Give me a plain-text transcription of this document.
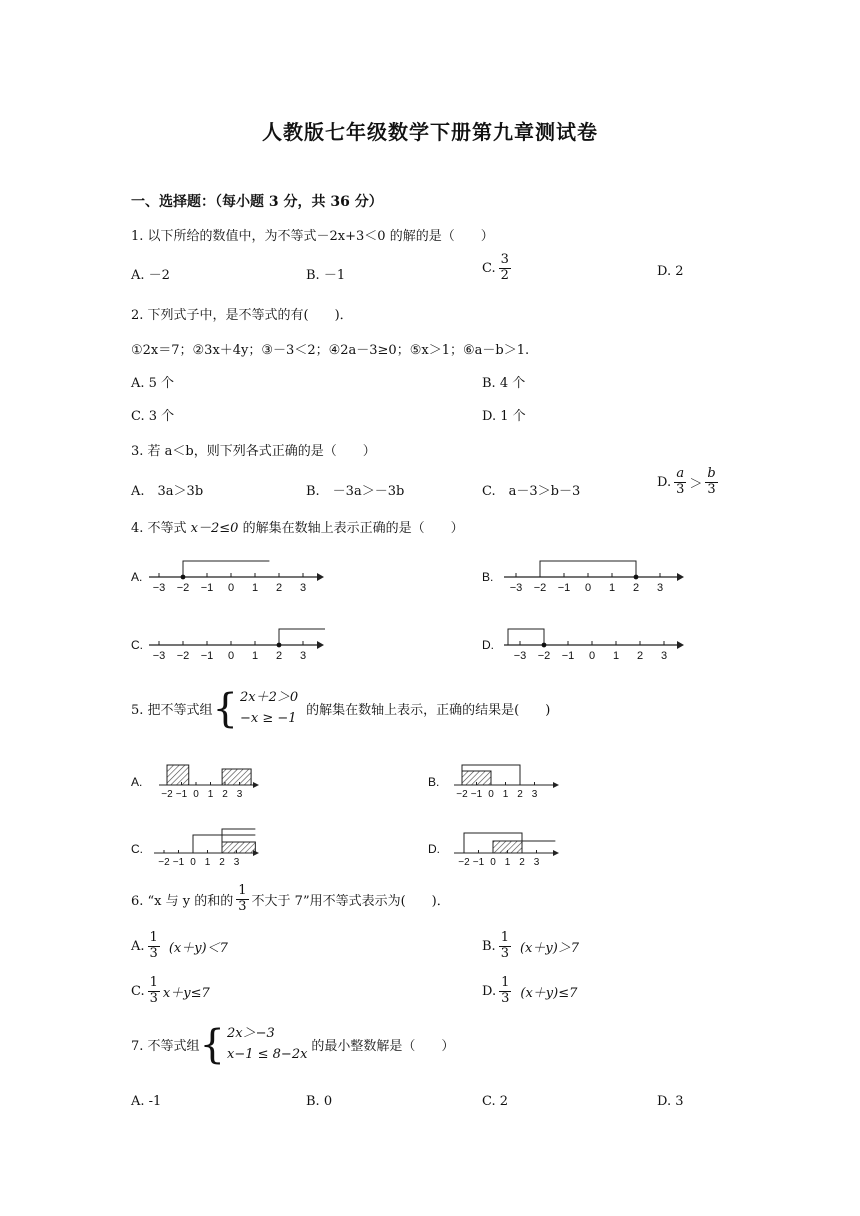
人教版七年级数学下册第九章测试卷
一、选择题：（每小题 3 分，共 36 分）
1. 以下所给的数值中，为不等式－2x+3＜0 的解的是（　　）
A. －2	B. －1	C. $\frac{3}{2}$	D. 2
2. 下列式子中，是不等式的有(　　)．
①2x＝7；②3x＋4y；③－3＜2；④2a－3≥0；⑤x＞1；⑥a－b＞1.
A. 5 个	B. 4 个
C. 3 个	D. 1 个
3. 若 a＜b，则下列各式正确的是（　　）
A.　3a＞3b	B.　－3a＞－3b	C.　a－3＞b－3
D. $\frac{a}{3} > \frac{b}{3}$
4. 不等式 x－2≤0 的解集在数轴上表示正确的是（　　）
A.
−3 −2 −1 0 1 2 3
B.
−3 −2 −1 0 1 2 3
C.
−3 −2 −1 0 1 2 3
D.
−3 −2 −1 0 1 2 3
5. 把不等式组 { 2x＋2＞0
−x ≥ −1 的解集在数轴上表示，正确的结果是(　　)
A.
−2 −1 0 1 2 3
B.
−2 −1 0 1 2 3
C.
−2 −1 0 1 2 3
D.
−2 −1 0 1 2 3
6. “x 与 y 的和的 $\frac{1}{3}$ 不大于 7”用不等式表示为(　　)．
A. $\frac{1}{3} (x+y)<7$	B. $\frac{1}{3} (x+y)>7$
C. $\frac{1}{3} x+y\le 7$	D. $\frac{1}{3} (x+y)\le 7$
7. 不等式组 { 2x＞−3
x−1 ≤ 8−2x 的最小整数解是（　　）
A. -1	B. 0	C. 2	D. 3
